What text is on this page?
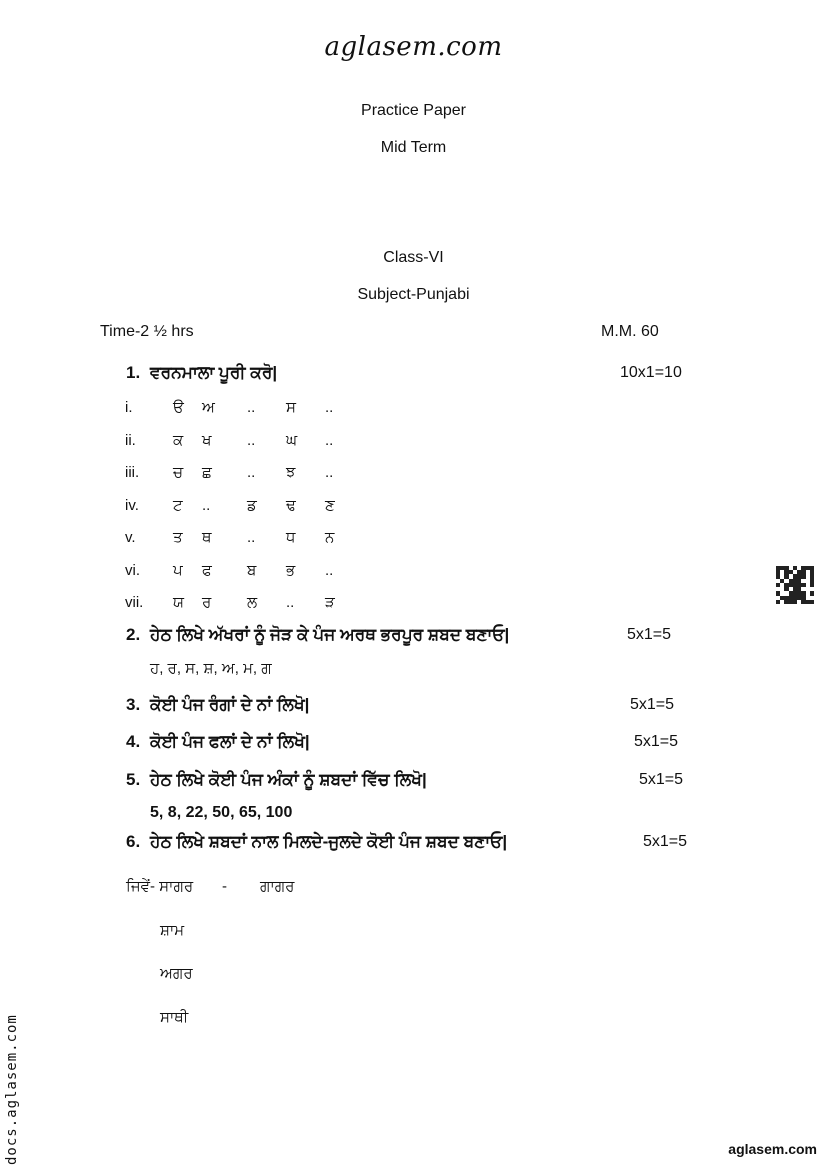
aglasem.com
Practice Paper
Mid Term
Class-VI
Subject-Punjabi
Time-2 ½ hrs	M.M. 60
1. ਵਰਨਮਾਲਾ ਪੂਰੀ ਕਰੋ|	10x1=10
i.	ੳ ਅ .. ਸ ..
ii. ਕ ਖ .. ਘ ..
iii. ਚ ਛ .. ਝ ..
iv. ਟ .. ਡ ਢ ਣ
v. ਤ ਥ .. ਧ ਨ
vi. ਪ ਫ ਬ ਭ ..
vii. ਯ ਰ ਲ .. ੜ
2. ਹੇਠ ਲਿਖੇ ਅੱਖਰਾਂ ਨੂੰ ਜੋੜ ਕੇ ਪੰਜ ਅਰਥ ਭਰਪੂਰ ਸ਼ਬਦ ਬਣਾਓ|	5x1=5
ਹ, ਰ, ਸ, ਸ਼, ਅ, ਮ, ਗ
3. ਕੋਈ ਪੰਜ ਰੰਗਾਂ ਦੇ ਨਾਂ ਲਿਖੋ|	5x1=5
4. ਕੋਈ ਪੰਜ ਫਲਾਂ ਦੇ ਨਾਂ ਲਿਖੋ|	5x1=5
5. ਹੇਠ ਲਿਖੇ ਕੋਈ ਪੰਜ ਅੰਕਾਂ ਨੂੰ ਸ਼ਬਦਾਂ ਵਿੱਚ ਲਿਖੋ|	5x1=5
5, 8, 22, 50, 65, 100
6. ਹੇਠ ਲਿਖੇ ਸ਼ਬਦਾਂ ਨਾਲ ਮਿਲਦੇ-ਜੁਲਦੇ ਕੋਈ ਪੰਜ ਸ਼ਬਦ ਬਣਾਓ|	5x1=5
ਜਿਵੇਂ- ਸਾਗਰ - ਗਾਗਰ
ਸ਼ਾਮ
ਅਗਰ
ਸਾਥੀ
docs.aglasem.com	aglasem.com
